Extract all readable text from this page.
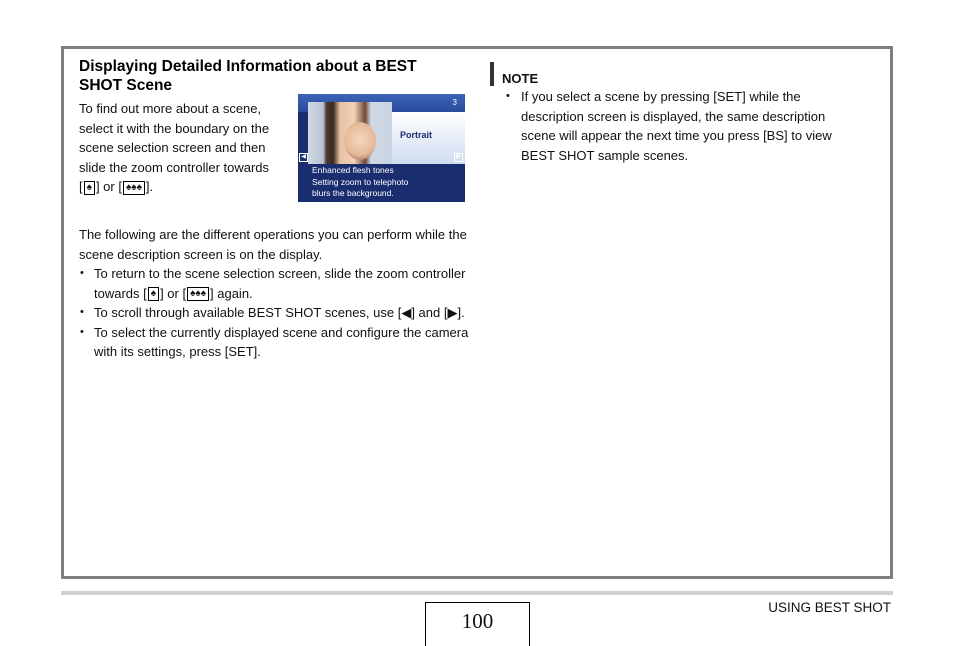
Displaying Detailed Information about a BEST SHOT Scene
To find out more about a scene,
select it with the boundary on the
scene selection screen and then
slide the zoom controller towards
[ ♠ ] or [ ♠♠♠ ].
3
Portrait
◀	▶
Enhanced flesh tones
Setting zoom to telephoto
blurs the background.

The following are the different operations you can perform while the scene description screen is on the display.

• To return to the scene selection screen, slide the zoom controller towards [ ♠ ] or [ ♠♠♠ ] again.
• To scroll through available BEST SHOT scenes, use [◀] and [▶].
• To select the currently displayed scene and configure the camera with its settings, press [SET].
NOTE
• If you select a scene by pressing [SET] while the description screen is displayed, the same description scene will appear the next time you press [BS] to view BEST SHOT sample scenes.
100
USING BEST SHOT
